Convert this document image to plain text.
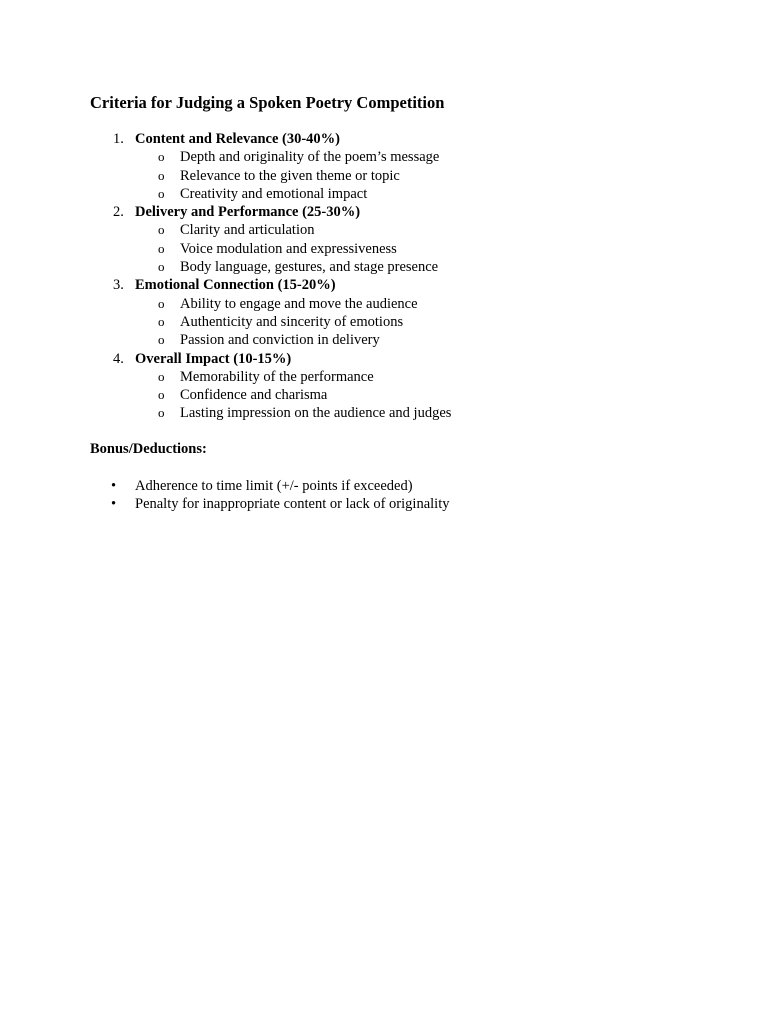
Criteria for Judging a Spoken Poetry Competition
1. Content and Relevance (30-40%)
o Depth and originality of the poem’s message
o Relevance to the given theme or topic
o Creativity and emotional impact
2. Delivery and Performance (25-30%)
o Clarity and articulation
o Voice modulation and expressiveness
o Body language, gestures, and stage presence
3. Emotional Connection (15-20%)
o Ability to engage and move the audience
o Authenticity and sincerity of emotions
o Passion and conviction in delivery
4. Overall Impact (10-15%)
o Memorability of the performance
o Confidence and charisma
o Lasting impression on the audience and judges
Bonus/Deductions:
• Adherence to time limit (+/- points if exceeded)
• Penalty for inappropriate content or lack of originality
